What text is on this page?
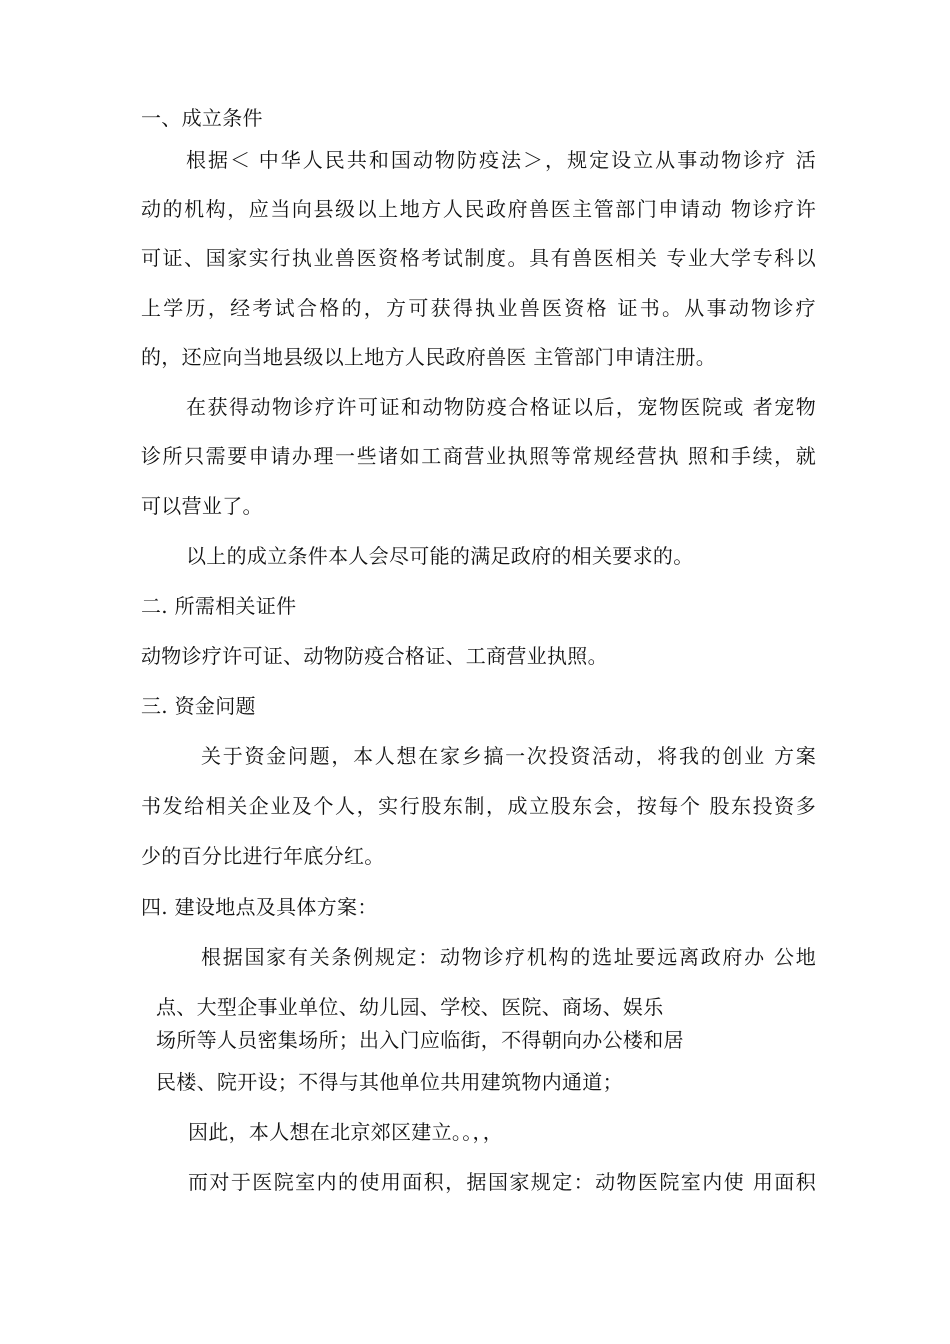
一、成立条件
根据＜ 中华人民共和国动物防疫法＞，规定设立从事动物诊疗 活
动的机构，应当向县级以上地方人民政府兽医主管部门申请动 物诊疗许
可证、国家实行执业兽医资格考试制度。具有兽医相关 专业大学专科以
上学历，经考试合格的，方可获得执业兽医资格 证书。从事动物诊疗
的，还应向当地县级以上地方人民政府兽医 主管部门申请注册。
在获得动物诊疗许可证和动物防疫合格证以后，宠物医院或 者宠物
诊所只需要申请办理一些诸如工商营业执照等常规经营执 照和手续，就
可以营业了。
以上的成立条件本人会尽可能的满足政府的相关要求的。
二. 所需相关证件
动物诊疗许可证、动物防疫合格证、工商营业执照。
三. 资金问题
关于资金问题，本人想在家乡搞一次投资活动，将我的创业 方案
书发给相关企业及个人，实行股东制，成立股东会，按每个 股东投资多
少的百分比进行年底分红。
四. 建设地点及具体方案：
根据国家有关条例规定：动物诊疗机构的选址要远离政府办 公地
点、大型企事业单位、幼儿园、学校、医院、商场、娱乐
场所等人员密集场所；出入门应临街，不得朝向办公楼和居
民楼、院开设；不得与其他单位共用建筑物内通道；
因此，本人想在北京郊区建立。。，，
而对于医院室内的使用面积，据国家规定：动物医院室内使 用面积
